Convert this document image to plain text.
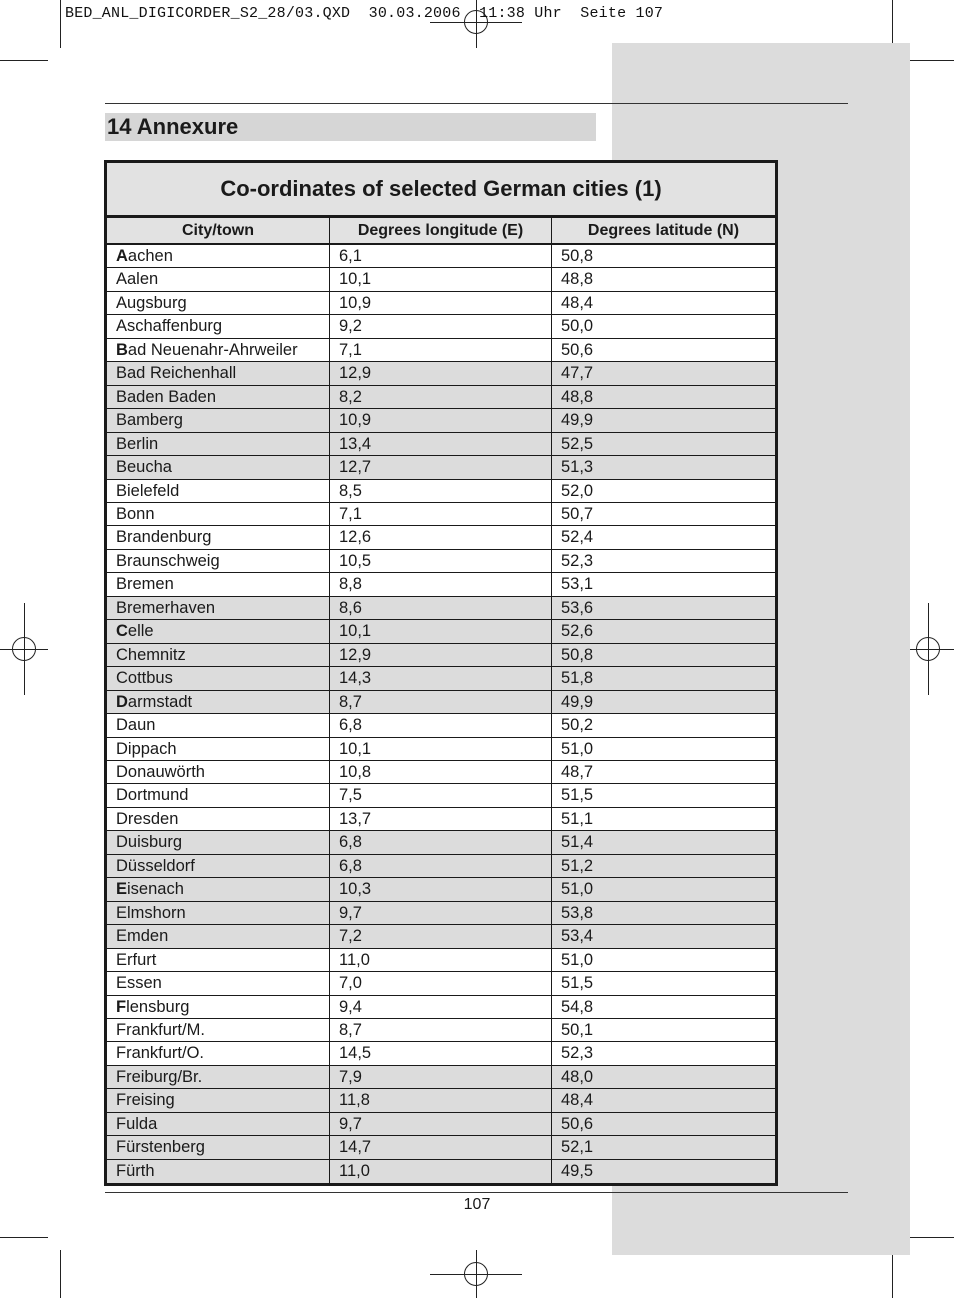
BED_ANL_DIGICORDER_S2_28/03.QXD  30.03.2006  11:38 Uhr  Seite 107
14 Annexure
Co-ordinates of selected German cities (1)
City/town	Degrees longitude (E)	Degrees latitude (N)
Aachen	6,1	50,8
Aalen	10,1	48,8
Augsburg	10,9	48,4
Aschaffenburg	9,2	50,0
Bad Neuenahr-Ahrweiler	7,1	50,6
Bad Reichenhall	12,9	47,7
Baden Baden	8,2	48,8
Bamberg	10,9	49,9
Berlin	13,4	52,5
Beucha	12,7	51,3
Bielefeld	8,5	52,0
Bonn	7,1	50,7
Brandenburg	12,6	52,4
Braunschweig	10,5	52,3
Bremen	8,8	53,1
Bremerhaven	8,6	53,6
Celle	10,1	52,6
Chemnitz	12,9	50,8
Cottbus	14,3	51,8
Darmstadt	8,7	49,9
Daun	6,8	50,2
Dippach	10,1	51,0
Donauwörth	10,8	48,7
Dortmund	7,5	51,5
Dresden	13,7	51,1
Duisburg	6,8	51,4
Düsseldorf	6,8	51,2
Eisenach	10,3	51,0
Elmshorn	9,7	53,8
Emden	7,2	53,4
Erfurt	11,0	51,0
Essen	7,0	51,5
Flensburg	9,4	54,8
Frankfurt/M.	8,7	50,1
Frankfurt/O.	14,5	52,3
Freiburg/Br.	7,9	48,0
Freising	11,8	48,4
Fulda	9,7	50,6
Fürstenberg	14,7	52,1
Fürth	11,0	49,5
107
